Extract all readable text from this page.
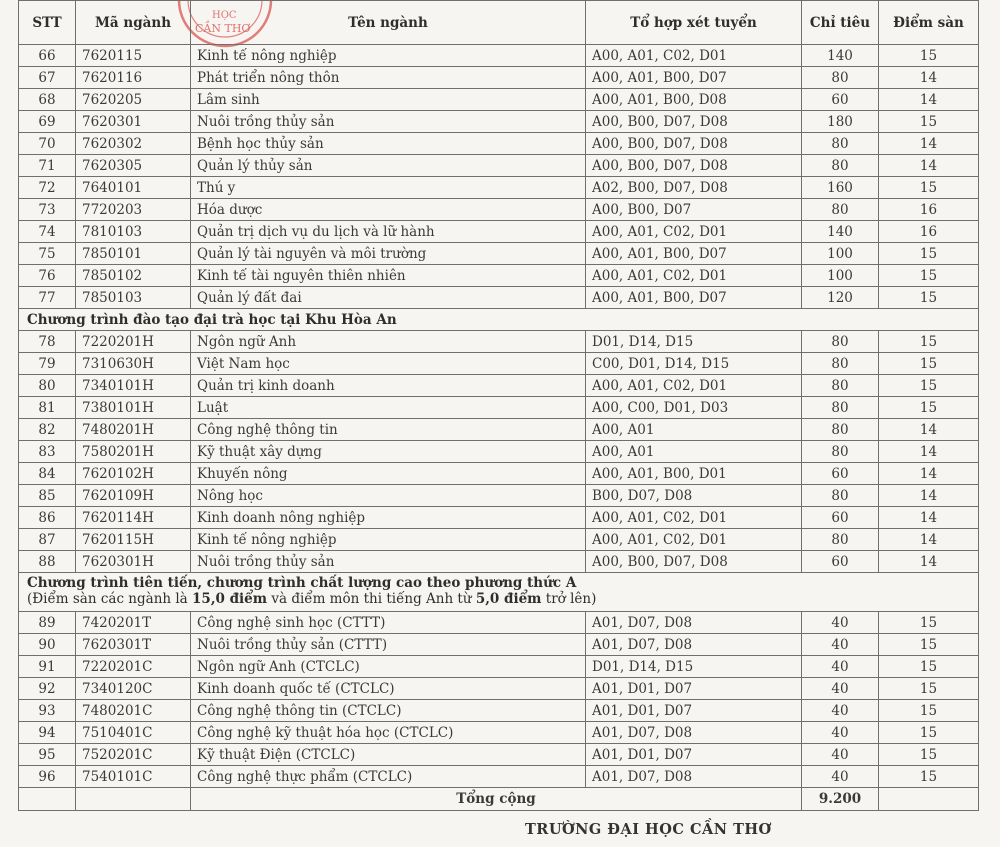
HỌC
CẦN THƠ
STT	Mã ngành	Tên ngành	Tổ hợp xét tuyển	Chỉ tiêu	Điểm sàn
66	7620115	Kinh tế nông nghiệp	A00, A01, C02, D01	140	15
67	7620116	Phát triển nông thôn	A00, A01, B00, D07	80	14
68	7620205	Lâm sinh	A00, A01, B00, D08	60	14
69	7620301	Nuôi trồng thủy sản	A00, B00, D07, D08	180	15
70	7620302	Bệnh học thủy sản	A00, B00, D07, D08	80	14
71	7620305	Quản lý thủy sản	A00, B00, D07, D08	80	14
72	7640101	Thú y	A02, B00, D07, D08	160	15
73	7720203	Hóa dược	A00, B00, D07	80	16
74	7810103	Quản trị dịch vụ du lịch và lữ hành	A00, A01, C02, D01	140	16
75	7850101	Quản lý tài nguyên và môi trường	A00, A01, B00, D07	100	15
76	7850102	Kinh tế tài nguyên thiên nhiên	A00, A01, C02, D01	100	15
77	7850103	Quản lý đất đai	A00, A01, B00, D07	120	15
Chương trình đào tạo đại trà học tại Khu Hòa An					
78	7220201H	Ngôn ngữ Anh	D01, D14, D15	80	15
79	7310630H	Việt Nam học	C00, D01, D14, D15	80	15
80	7340101H	Quản trị kinh doanh	A00, A01, C02, D01	80	15
81	7380101H	Luật	A00, C00, D01, D03	80	15
82	7480201H	Công nghệ thông tin	A00, A01	80	14
83	7580201H	Kỹ thuật xây dựng	A00, A01	80	14
84	7620102H	Khuyến nông	A00, A01, B00, D01	60	14
85	7620109H	Nông học	B00, D07, D08	80	14
86	7620114H	Kinh doanh nông nghiệp	A00, A01, C02, D01	60	14
87	7620115H	Kinh tế nông nghiệp	A00, A01, C02, D01	80	14
88	7620301H	Nuôi trồng thủy sản	A00, B00, D07, D08	60	14

Chương trình tiên tiến, chương trình chất lượng cao theo phương thức A
(Điểm sàn các ngành là 15,0 điểm và điểm môn thi tiếng Anh từ 5,0 điểm trở lên)					

89	7420201T	Công nghệ sinh học (CTTT)	A01, D07, D08	40	15
90	7620301T	Nuôi trồng thủy sản (CTTT)	A01, D07, D08	40	15
91	7220201C	Ngôn ngữ Anh (CTCLC)	D01, D14, D15	40	15
92	7340120C	Kinh doanh quốc tế (CTCLC)	A01, D01, D07	40	15
93	7480201C	Công nghệ thông tin (CTCLC)	A01, D01, D07	40	15
94	7510401C	Công nghệ kỹ thuật hóa học (CTCLC)	A01, D07, D08	40	15
95	7520201C	Kỹ thuật Điện (CTCLC)	A01, D01, D07	40	15
96	7540101C	Công nghệ thực phẩm (CTCLC)	A01, D07, D08	40	15
		Tổng cộng		9.200	
TRƯỜNG ĐẠI HỌC CẦN THƠ
